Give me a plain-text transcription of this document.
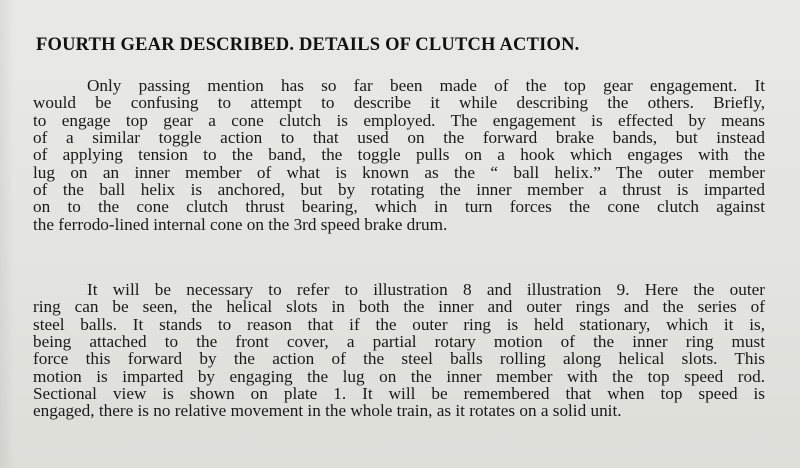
FOURTH GEAR DESCRIBED. DETAILS OF CLUTCH ACTION.
Only passing mention has so far been made of the top gear engagement. It
would be confusing to attempt to describe it while describing the others. Briefly,
to engage top gear a cone clutch is employed. The engagement is effected by means
of a similar toggle action to that used on the forward brake bands, but instead
of applying tension to the band, the toggle pulls on a hook which engages with the
lug on an inner member of what is known as the “ ball helix.” The outer member
of the ball helix is anchored, but by rotating the inner member a thrust is imparted
on to the cone clutch thrust bearing, which in turn forces the cone clutch against
the ferrodo-lined internal cone on the 3rd speed brake drum.
It will be necessary to refer to illustration 8 and illustration 9. Here the outer
ring can be seen, the helical slots in both the inner and outer rings and the series of
steel balls. It stands to reason that if the outer ring is held stationary, which it is,
being attached to the front cover, a partial rotary motion of the inner ring must
force this forward by the action of the steel balls rolling along helical slots. This
motion is imparted by engaging the lug on the inner member with the top speed rod.
Sectional view is shown on plate 1. It will be remembered that when top speed is
engaged, there is no relative movement in the whole train, as it rotates on a solid unit.
